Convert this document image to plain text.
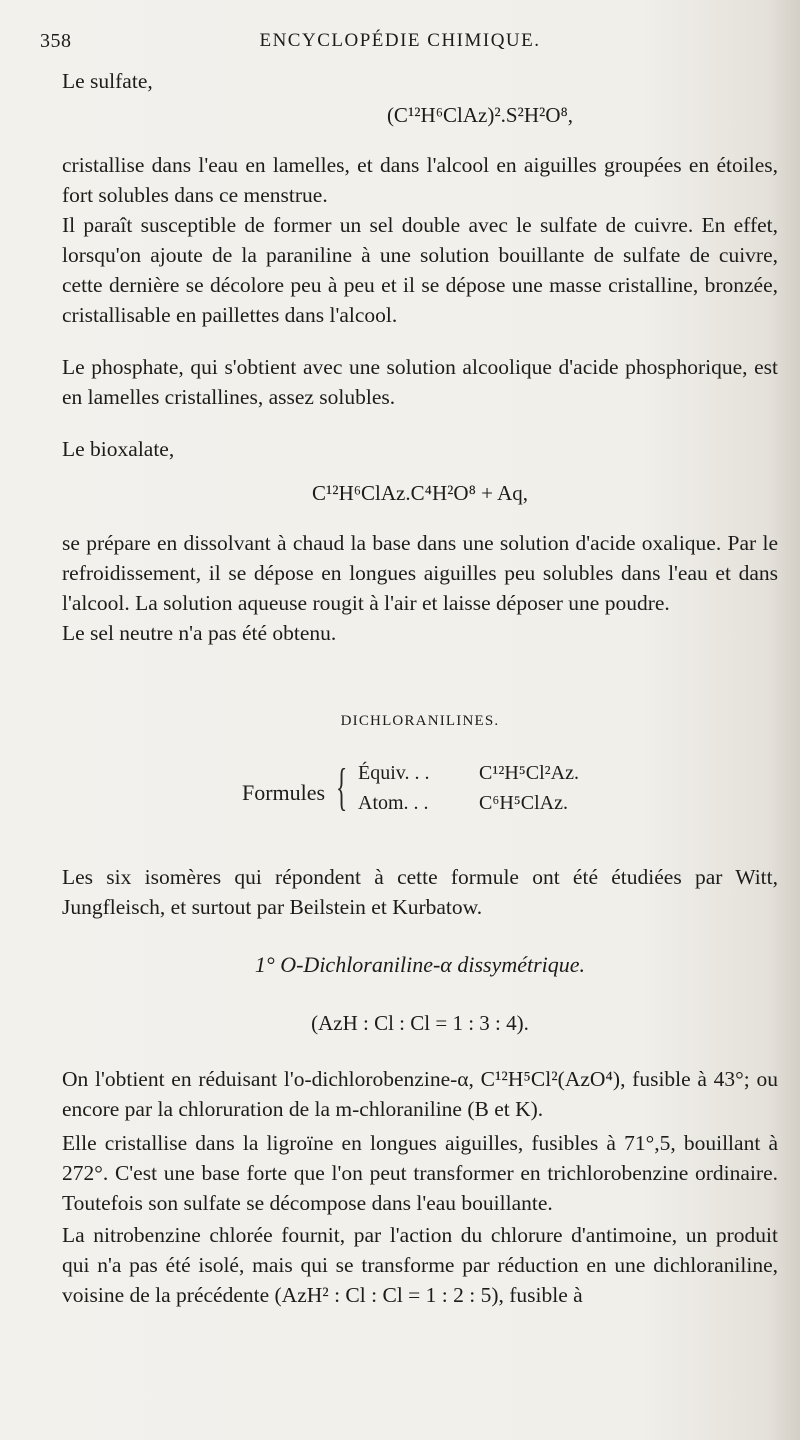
358	ENCYCLOPÉDIE CHIMIQUE.

Le sulfate,

(C¹²H⁶ClAz)².S²H²O⁸,

cristallise dans l'eau en lamelles, et dans l'alcool en aiguilles groupées en étoiles, fort solubles dans ce menstrue.

Il paraît susceptible de former un sel double avec le sulfate de cuivre. En effet, lorsqu'on ajoute de la paraniline à une solution bouillante de sulfate de cuivre, cette dernière se décolore peu à peu et il se dépose une masse cristalline, bronzée, cristallisable en paillettes dans l'alcool.

Le phosphate, qui s'obtient avec une solution alcoolique d'acide phosphorique, est en lamelles cristallines, assez solubles.

Le bioxalate,

C¹²H⁶ClAz.C⁴H²O⁸ + Aq,

se prépare en dissolvant à chaud la base dans une solution d'acide oxalique. Par le refroidissement, il se dépose en longues aiguilles peu solubles dans l'eau et dans l'alcool. La solution aqueuse rougit à l'air et laisse déposer une poudre.

Le sel neutre n'a pas été obtenu.

DICHLORANILINES.

Formules { Équiv. . . C¹²H⁵Cl²Az.
Atom. . .	C⁶H⁵ClAz.

Les six isomères qui répondent à cette formule ont été étudiées par Witt, Jungfleisch, et surtout par Beilstein et Kurbatow.

1° O-Dichloraniline-α dissymétrique.

(AzH : Cl : Cl = 1 : 3 : 4).

On l'obtient en réduisant l'o-dichlorobenzine-α, C¹²H⁵Cl²(AzO⁴), fusible à 43°; ou encore par la chloruration de la m-chloraniline (B et K).

Elle cristallise dans la ligroïne en longues aiguilles, fusibles à 71°,5, bouillant à 272°. C'est une base forte que l'on peut transformer en trichlorobenzine ordinaire. Toutefois son sulfate se décompose dans l'eau bouillante.

La nitrobenzine chlorée fournit, par l'action du chlorure d'antimoine, un produit qui n'a pas été isolé, mais qui se transforme par réduction en une dichloraniline, voisine de la précédente (AzH² : Cl : Cl = 1 : 2 : 5), fusible à
